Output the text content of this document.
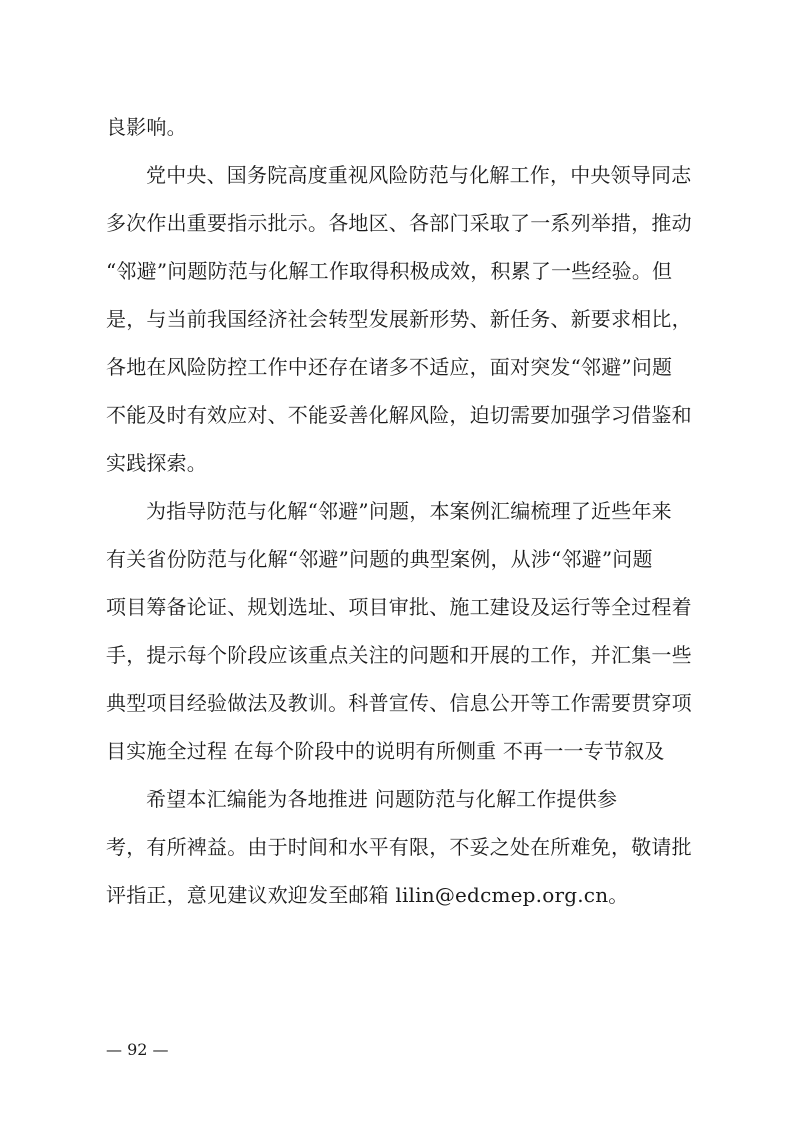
良影响。
党中央、国务院高度重视风险防范与化解工作，中央领导同志
多次作出重要指示批示。各地区、各部门采取了一系列举措，推动
“邻避”问题防范与化解工作取得积极成效，积累了一些经验。但
是，与当前我国经济社会转型发展新形势、新任务、新要求相比，
各地在风险防控工作中还存在诸多不适应，面对突发“邻避”问题
不能及时有效应对、不能妥善化解风险，迫切需要加强学习借鉴和
实践探索。
为指导防范与化解“邻避”问题，本案例汇编梳理了近些年来
有关省份防范与化解“邻避”问题的典型案例，从涉“邻避”问题
项目筹备论证、规划选址、项目审批、施工建设及运行等全过程着
手，提示每个阶段应该重点关注的问题和开展的工作，并汇集一些
典型项目经验做法及教训。科普宣传、信息公开等工作需要贯穿项
目实施全过程 在每个阶段中的说明有所侧重 不再一一专节叙及
希望本汇编能为各地推进 问题防范与化解工作提供参
考，有所裨益。由于时间和水平有限，不妥之处在所难免，敬请批
评指正，意见建议欢迎发至邮箱 lilin@edcmep.org.cn。
— 92 —
